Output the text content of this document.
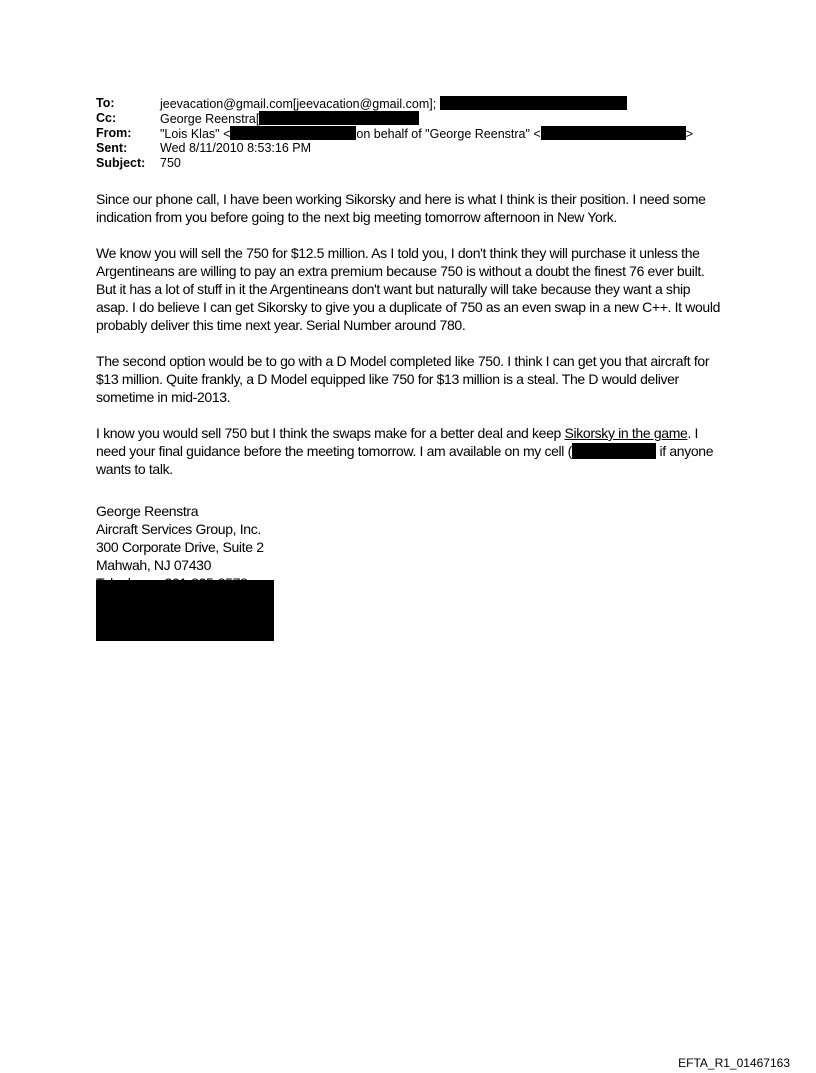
To:	jeevacation@gmail.com[jeevacation@gmail.com];
Cc:	George Reenstra[
From: "Lois Klas" <	on behalf of "George Reenstra" <	>
Sent:	Wed 8/11/2010 8:53:16 PM
Subject: 750

Since our phone call, I have been working Sikorsky and here is what I think is their position. I need some indication from you before going to the next big meeting tomorrow afternoon in New York.

We know you will sell the 750 for $12.5 million. As I told you, I don't think they will purchase it unless the Argentineans are willing to pay an extra premium because 750 is without a doubt the finest 76 ever built. But it has a lot of stuff in it the Argentineans don't want but naturally will take because they want a ship asap. I do believe I can get Sikorsky to give you a duplicate of 750 as an even swap in a new C++. It would probably deliver this time next year. Serial Number around 780.

The second option would be to go with a D Model completed like 750. I think I can get you that aircraft for $13 million. Quite frankly, a D Model equipped like 750 for $13 million is a steal. The D would deliver sometime in mid-2013.

I know you would sell 750 but I think the swaps make for a better deal and keep Sikorsky in the game. I need your final guidance before the meeting tomorrow. I am available on my cell (	if anyone wants to talk.

George Reenstra
Aircraft Services Group, Inc.
300 Corporate Drive, Suite 2
Mahwah, NJ 07430
EFTA_R1_01467163
